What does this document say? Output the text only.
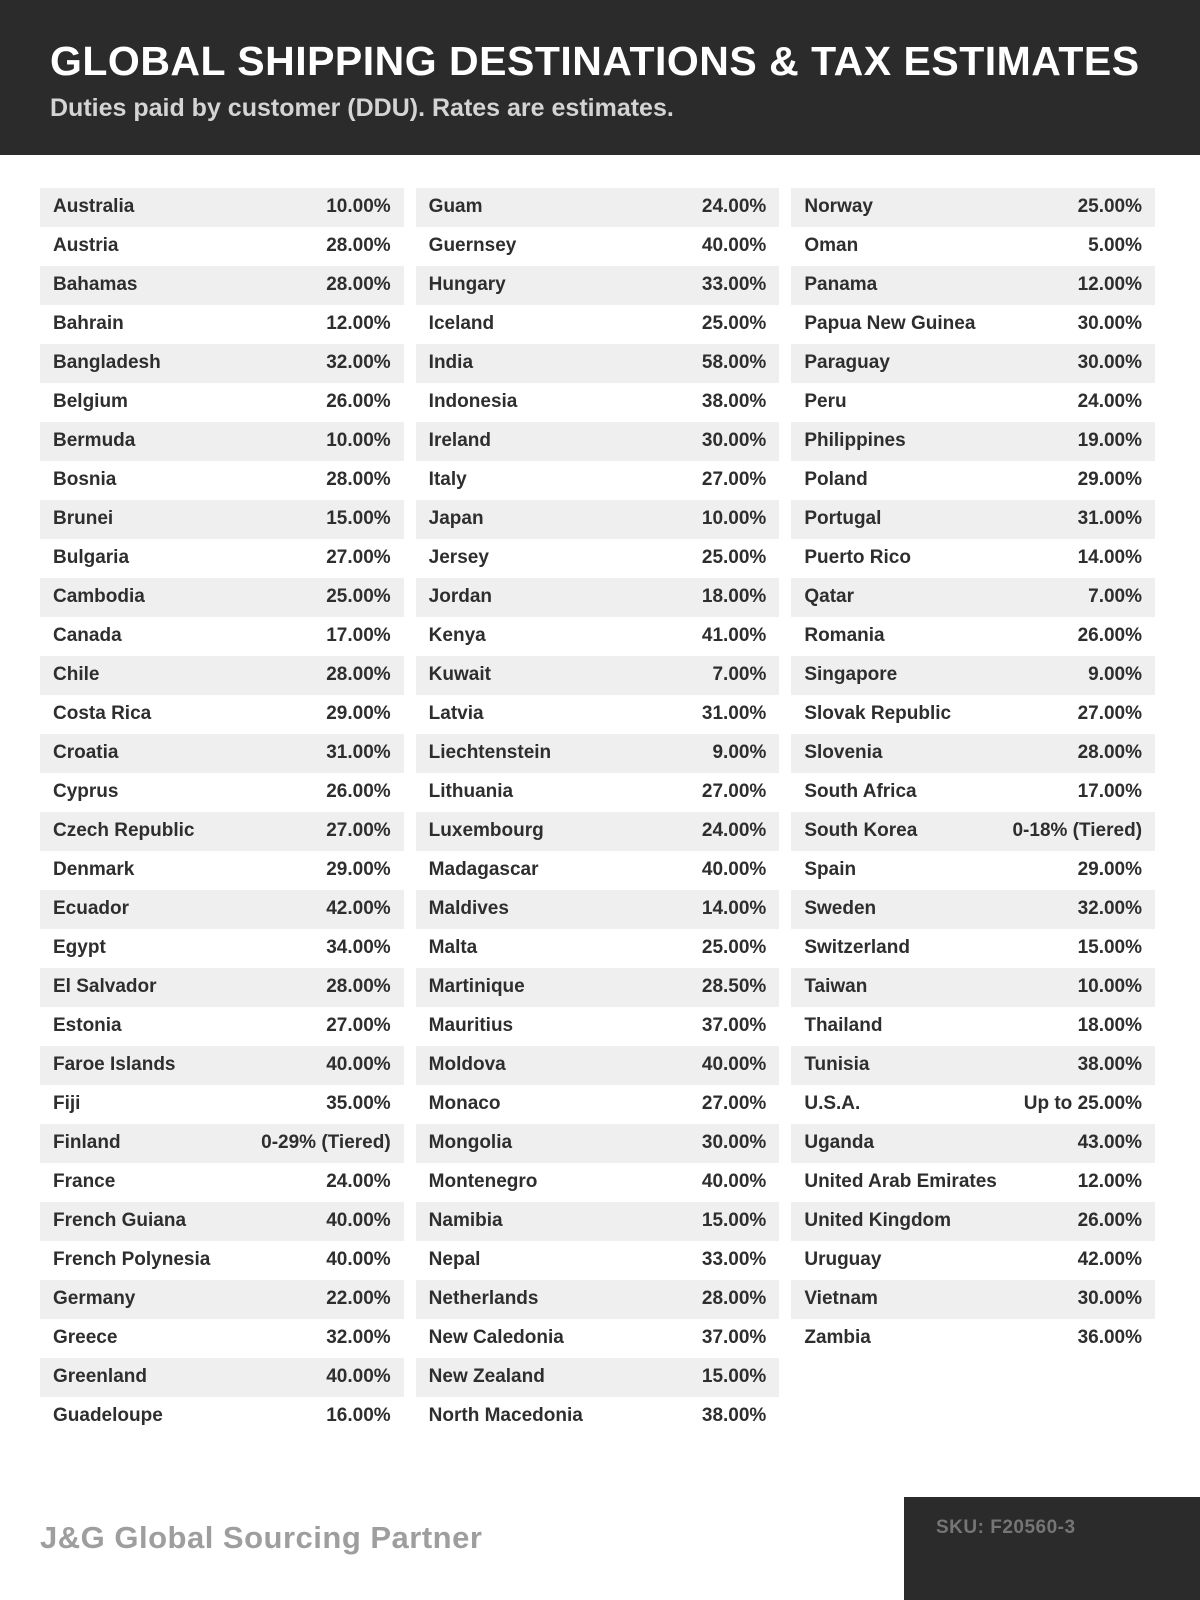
GLOBAL SHIPPING DESTINATIONS & TAX ESTIMATES

Duties paid by customer (DDU). Rates are estimates.

Australia	10.00%
Austria	28.00%
Bahamas	28.00%
Bahrain	12.00%
Bangladesh	32.00%
Belgium	26.00%
Bermuda	10.00%
Bosnia	28.00%
Brunei	15.00%
Bulgaria	27.00%
Cambodia	25.00%
Canada	17.00%
Chile	28.00%
Costa Rica	29.00%
Croatia	31.00%
Cyprus	26.00%
Czech Republic	27.00%
Denmark	29.00%
Ecuador	42.00%
Egypt	34.00%
El Salvador	28.00%
Estonia	27.00%
Faroe Islands	40.00%
Fiji	35.00%
Finland	0-29% (Tiered)
France	24.00%
French Guiana	40.00%
French Polynesia	40.00%
Germany	22.00%
Greece	32.00%
Greenland	40.00%
Guadeloupe	16.00%
Guam	24.00%
Guernsey	40.00%
Hungary	33.00%
Iceland	25.00%
India	58.00%
Indonesia	38.00%
Ireland	30.00%
Italy	27.00%
Japan	10.00%
Jersey	25.00%
Jordan	18.00%
Kenya	41.00%
Kuwait	7.00%
Latvia	31.00%
Liechtenstein	9.00%
Lithuania	27.00%
Luxembourg	24.00%
Madagascar	40.00%
Maldives	14.00%
Malta	25.00%
Martinique	28.50%
Mauritius	37.00%
Moldova	40.00%
Monaco	27.00%
Mongolia	30.00%
Montenegro	40.00%
Namibia	15.00%
Nepal	33.00%
Netherlands	28.00%
New Caledonia	37.00%
New Zealand	15.00%
North Macedonia	38.00%
Norway	25.00%
Oman	5.00%
Panama	12.00%
Papua New Guinea	30.00%
Paraguay	30.00%
Peru	24.00%
Philippines	19.00%
Poland	29.00%
Portugal	31.00%
Puerto Rico	14.00%
Qatar	7.00%
Romania	26.00%
Singapore	9.00%
Slovak Republic	27.00%
Slovenia	28.00%
South Africa	17.00%
South Korea	0-18% (Tiered)
Spain	29.00%
Sweden	32.00%
Switzerland	15.00%
Taiwan	10.00%
Thailand	18.00%
Tunisia	38.00%
U.S.A.	Up to 25.00%
Uganda	43.00%
United Arab Emirates	12.00%
United Kingdom	26.00%
Uruguay	42.00%
Vietnam	30.00%
Zambia	36.00%
J&G Global Sourcing Partner	SKU: F20560-3
